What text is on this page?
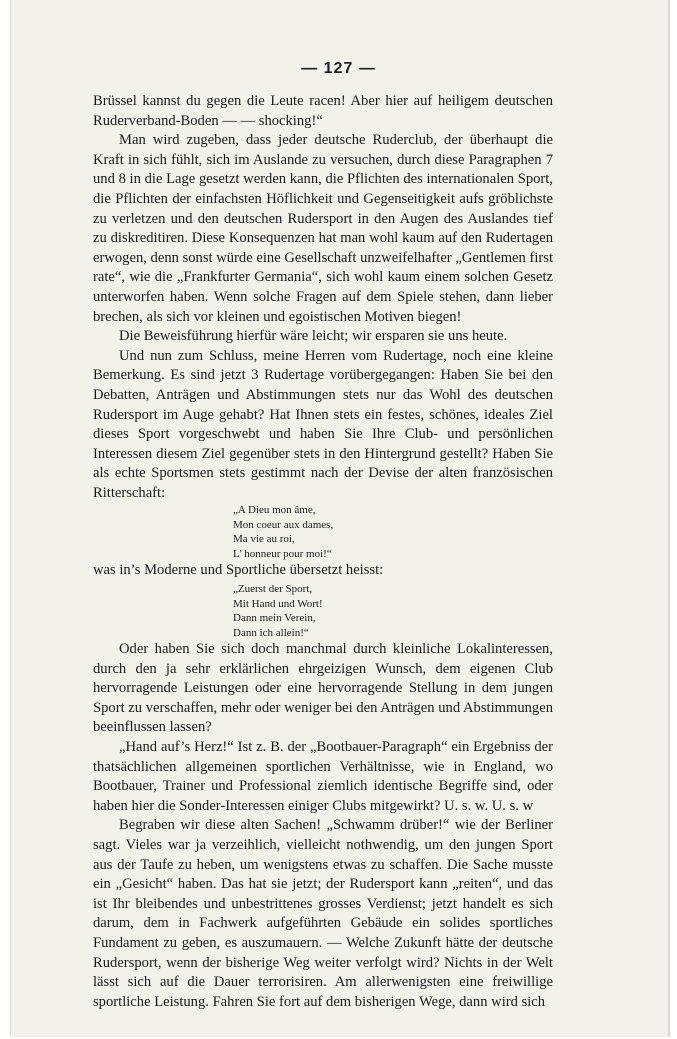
— 127 —

Brüssel kannst du gegen die Leute racen! Aber hier auf heiligem deutschen Ruderverband-Boden — — shocking!“

Man wird zugeben, dass jeder deutsche Ruderclub, der überhaupt die Kraft in sich fühlt, sich im Auslande zu versuchen, durch diese Paragraphen 7 und 8 in die Lage gesetzt werden kann, die Pflichten des internationalen Sport, die Pflichten der einfachsten Höflichkeit und Gegenseitigkeit aufs gröblichste zu verletzen und den deutschen Rudersport in den Augen des Auslandes tief zu diskreditiren. Diese Konsequenzen hat man wohl kaum auf den Rudertagen erwogen, denn sonst würde eine Gesellschaft unzweifelhafter „Gentlemen first rate“, wie die „Frankfurter Germania“, sich wohl kaum einem solchen Gesetz unterworfen haben. Wenn solche Fragen auf dem Spiele stehen, dann lieber brechen, als sich vor kleinen und egoistischen Motiven biegen!

Die Beweisführung hierfür wäre leicht; wir ersparen sie uns heute.

Und nun zum Schluss, meine Herren vom Rudertage, noch eine kleine Bemerkung. Es sind jetzt 3 Rudertage vorübergegangen: Haben Sie bei den Debatten, Anträgen und Abstimmungen stets nur das Wohl des deutschen Rudersport im Auge gehabt? Hat Ihnen stets ein festes, schönes, ideales Ziel dieses Sport vorgeschwebt und haben Sie Ihre Club- und persönlichen Interessen diesem Ziel gegenüber stets in den Hintergrund gestellt? Haben Sie als echte Sportsmen stets gestimmt nach der Devise der alten französischen Ritterschaft:

„A Dieu mon âme,
Mon coeur aux dames,
Ma vie au roi,
L’ honneur pour moi!“

was in’s Moderne und Sportliche übersetzt heisst:

„Zuerst der Sport,
Mit Hand und Wort!
Dann mein Verein,
Dann ich allein!“

Oder haben Sie sich doch manchmal durch kleinliche Lokalinteressen, durch den ja sehr erklärlichen ehrgeizigen Wunsch, dem eigenen Club hervorragende Leistungen oder eine hervorragende Stellung in dem jungen Sport zu verschaffen, mehr oder weniger bei den Anträgen und Abstimmungen beeinflussen lassen?

„Hand auf’s Herz!“ Ist z. B. der „Bootbauer-Paragraph“ ein Ergebniss der thatsächlichen allgemeinen sportlichen Verhältnisse, wie in England, wo Bootbauer, Trainer und Professional ziemlich identische Begriffe sind, oder haben hier die Sonder-Interessen einiger Clubs mitgewirkt? U. s. w. U. s. w

Begraben wir diese alten Sachen! „Schwamm drüber!“ wie der Berliner sagt. Vieles war ja verzeihlich, vielleicht nothwendig, um den jungen Sport aus der Taufe zu heben, um wenigstens etwas zu schaffen. Die Sache musste ein „Gesicht“ haben. Das hat sie jetzt; der Rudersport kann „reiten“, und das ist Ihr bleibendes und unbestrittenes grosses Verdienst; jetzt handelt es sich darum, dem in Fachwerk aufgeführten Gebäude ein solides sportliches Fundament zu geben, es auszumauern. — Welche Zukunft hätte der deutsche Rudersport, wenn der bisherige Weg weiter verfolgt wird? Nichts in der Welt lässt sich auf die Dauer terrorisiren. Am allerwenigsten eine freiwillige sportliche Leistung. Fahren Sie fort auf dem bisherigen Wege, dann wird sich
